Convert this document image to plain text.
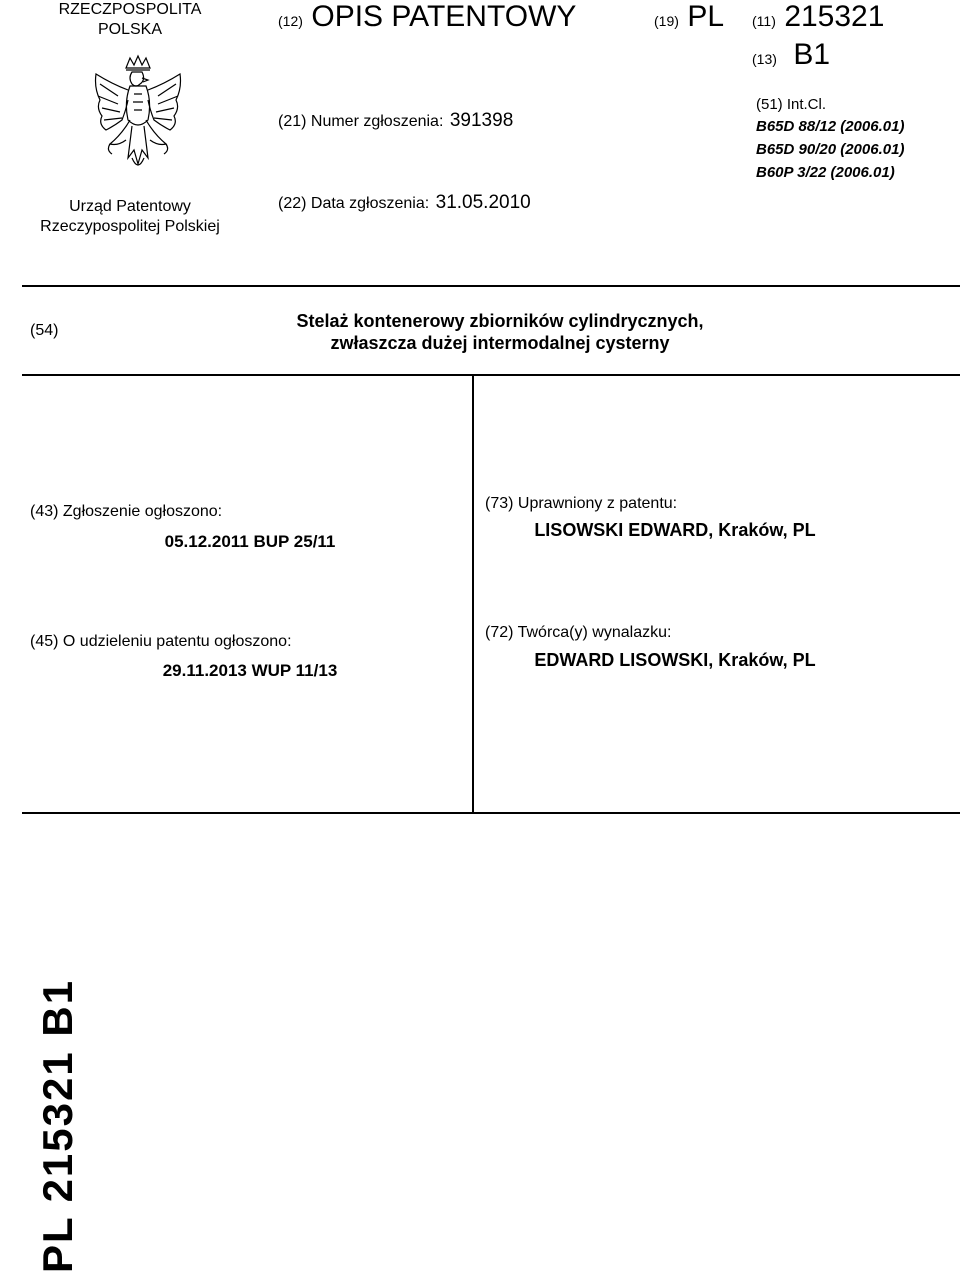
RZECZPOSPOLITA
POLSKA
Urząd Patentowy
Rzeczypospolitej Polskiej
(12) OPIS PATENTOWY	(19) PL (11) 215321
(13) B1
(21) Numer zgłoszenia: 391398
(22) Data zgłoszenia: 31.05.2010
(51) Int.Cl.
B65D 88/12 (2006.01)
B65D 90/20 (2006.01)
B60P 3/22 (2006.01)
(54)	Stelaż kontenerowy zbiorników cylindrycznych,
zwłaszcza dużej intermodalnej cysterny
(43) Zgłoszenie ogłoszono:
05.12.2011 BUP 25/11
(73) Uprawniony z patentu:
LISOWSKI EDWARD, Kraków, PL
(45) O udzieleniu patentu ogłoszono:
29.11.2013 WUP 11/13
(72) Twórca(y) wynalazku:
EDWARD LISOWSKI, Kraków, PL
PL 215321 B1
